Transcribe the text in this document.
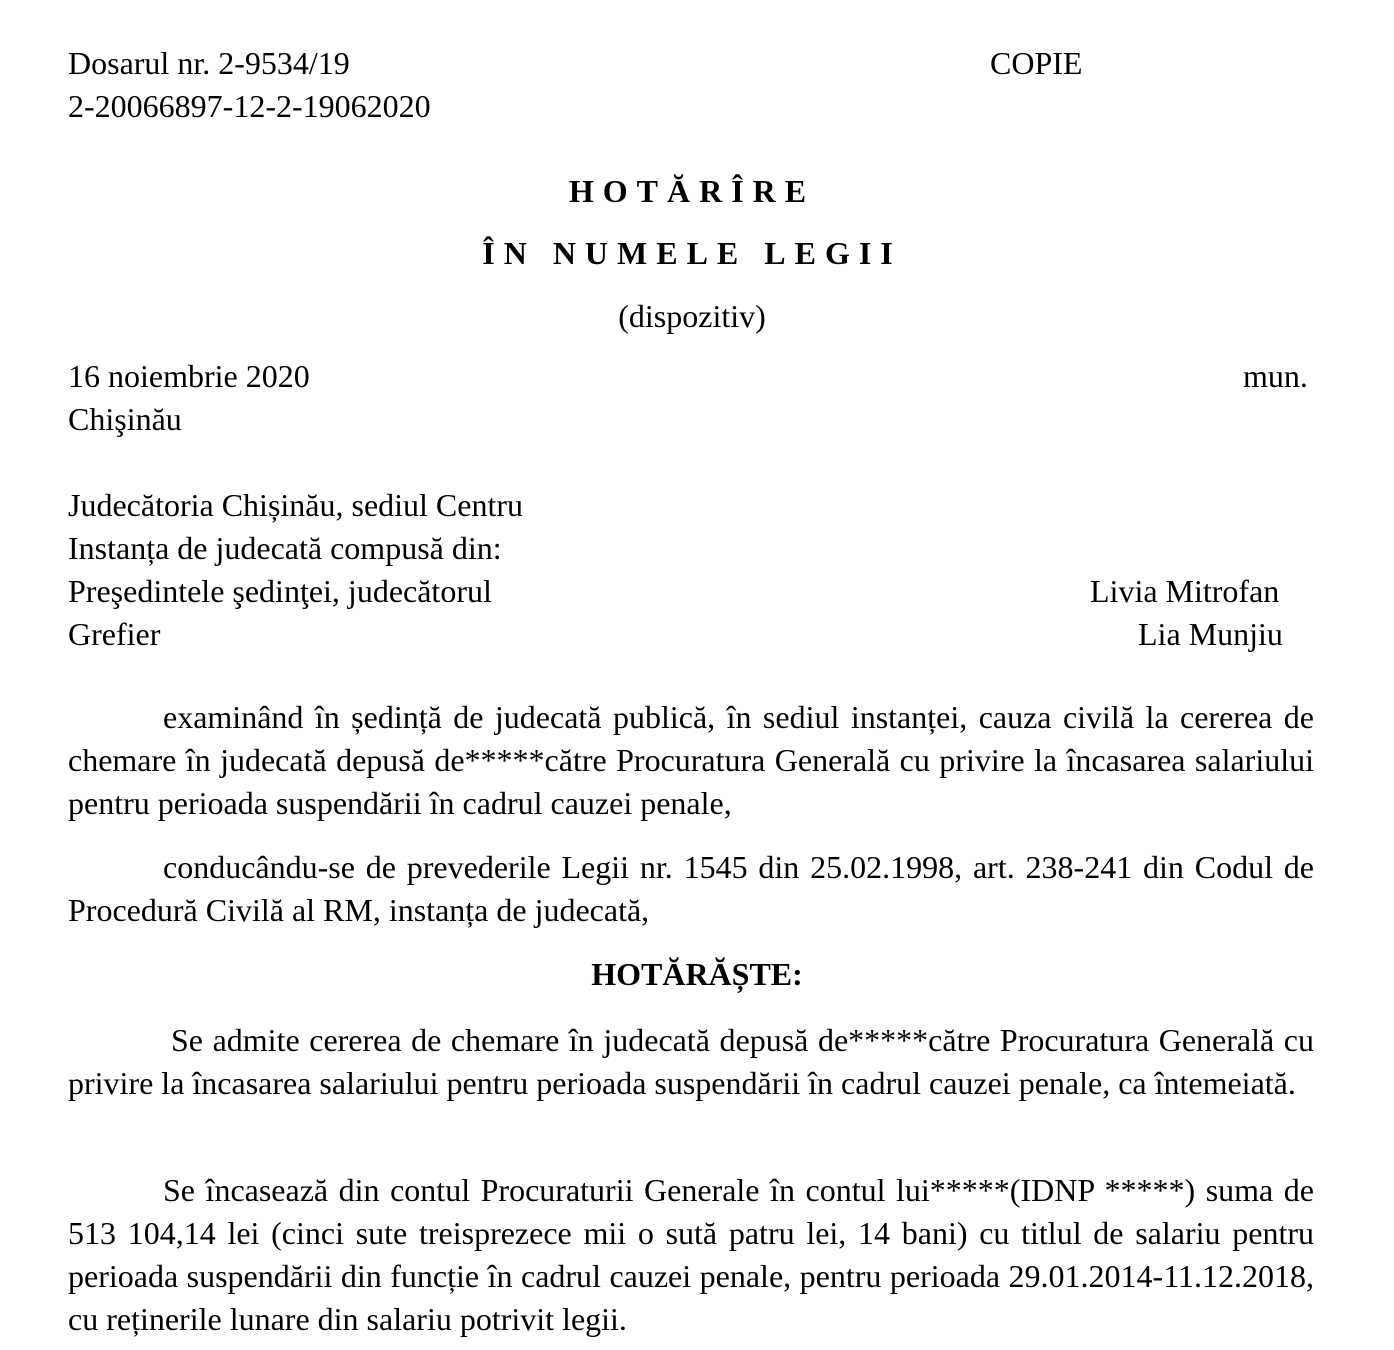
Dosarul nr. 2-9534/19
2-20066897-12-2-19062020
COPIE
HOTĂRÎRE
ÎN NUMELE LEGII
(dispozitiv)
16 noiembrie 2020	mun.
Chişinău
Judecătoria Chișinău, sediul Centru
Instanța de judecată compusă din:
Preşedintele şedinţei, judecătorul	Livia Mitrofan
Grefier	Lia Munjiu

examinând în ședință de judecată publică, în sediul instanței, cauza civilă la cererea de chemare în judecată depusă de*****către Procuratura Generală cu privire la încasarea salariului pentru perioada suspendării în cadrul cauzei penale,

conducându-se de prevederile Legii nr. 1545 din 25.02.1998, art. 238-241 din Codul de Procedură Civilă al RM, instanța de judecată,

HOTĂRĂȘTE:

Se admite cererea de chemare în judecată depusă de*****către Procuratura Generală cu privire la încasarea salariului pentru perioada suspendării în cadrul cauzei penale, ca întemeiată.

Se încasează din contul Procuraturii Generale în contul lui*****(IDNP *****) suma de 513 104,14 lei (cinci sute treisprezece mii o sută patru lei, 14 bani) cu titlul de salariu pentru perioada suspendării din funcție în cadrul cauzei penale, pentru perioada 29.01.2014-11.12.2018, cu reținerile lunare din salariu potrivit legii.
